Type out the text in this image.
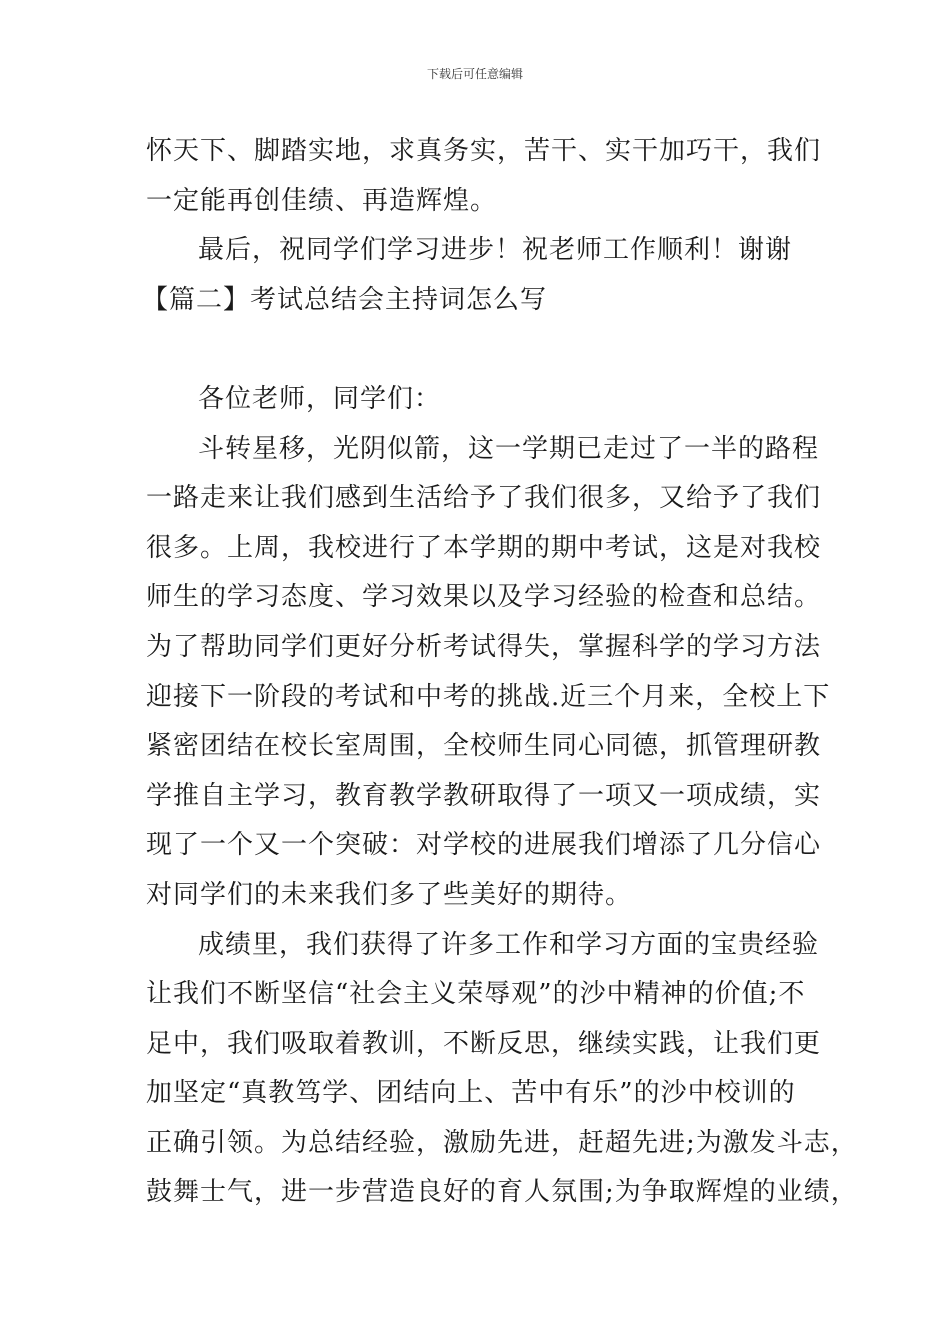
下载后可任意编辑
怀天下、脚踏实地，求真务实，苦干、实干加巧干，我们
一定能再创佳绩、再造辉煌。
最后，祝同学们学习进步！祝老师工作顺利！谢谢
【篇二】考试总结会主持词怎么写
各位老师，同学们：
斗转星移，光阴似箭，这一学期已走过了一半的路程
一路走来让我们感到生活给予了我们很多，又给予了我们
很多。上周，我校进行了本学期的期中考试，这是对我校
师生的学习态度、学习效果以及学习经验的检查和总结。
为了帮助同学们更好分析考试得失，掌握科学的学习方法
迎接下一阶段的考试和中考的挑战.近三个月来，全校上下
紧密团结在校长室周围，全校师生同心同德，抓管理研教
学推自主学习，教育教学教研取得了一项又一项成绩，实
现了一个又一个突破：对学校的进展我们增添了几分信心
对同学们的未来我们多了些美好的期待。
成绩里，我们获得了许多工作和学习方面的宝贵经验
让我们不断坚信“社会主义荣辱观”的沙中精神的价值;不
足中，我们吸取着教训，不断反思，继续实践，让我们更
加坚定“真教笃学、团结向上、苦中有乐”的沙中校训的
正确引领。为总结经验，激励先进，赶超先进;为激发斗志，
鼓舞士气，进一步营造良好的育人氛围;为争取辉煌的业绩，
